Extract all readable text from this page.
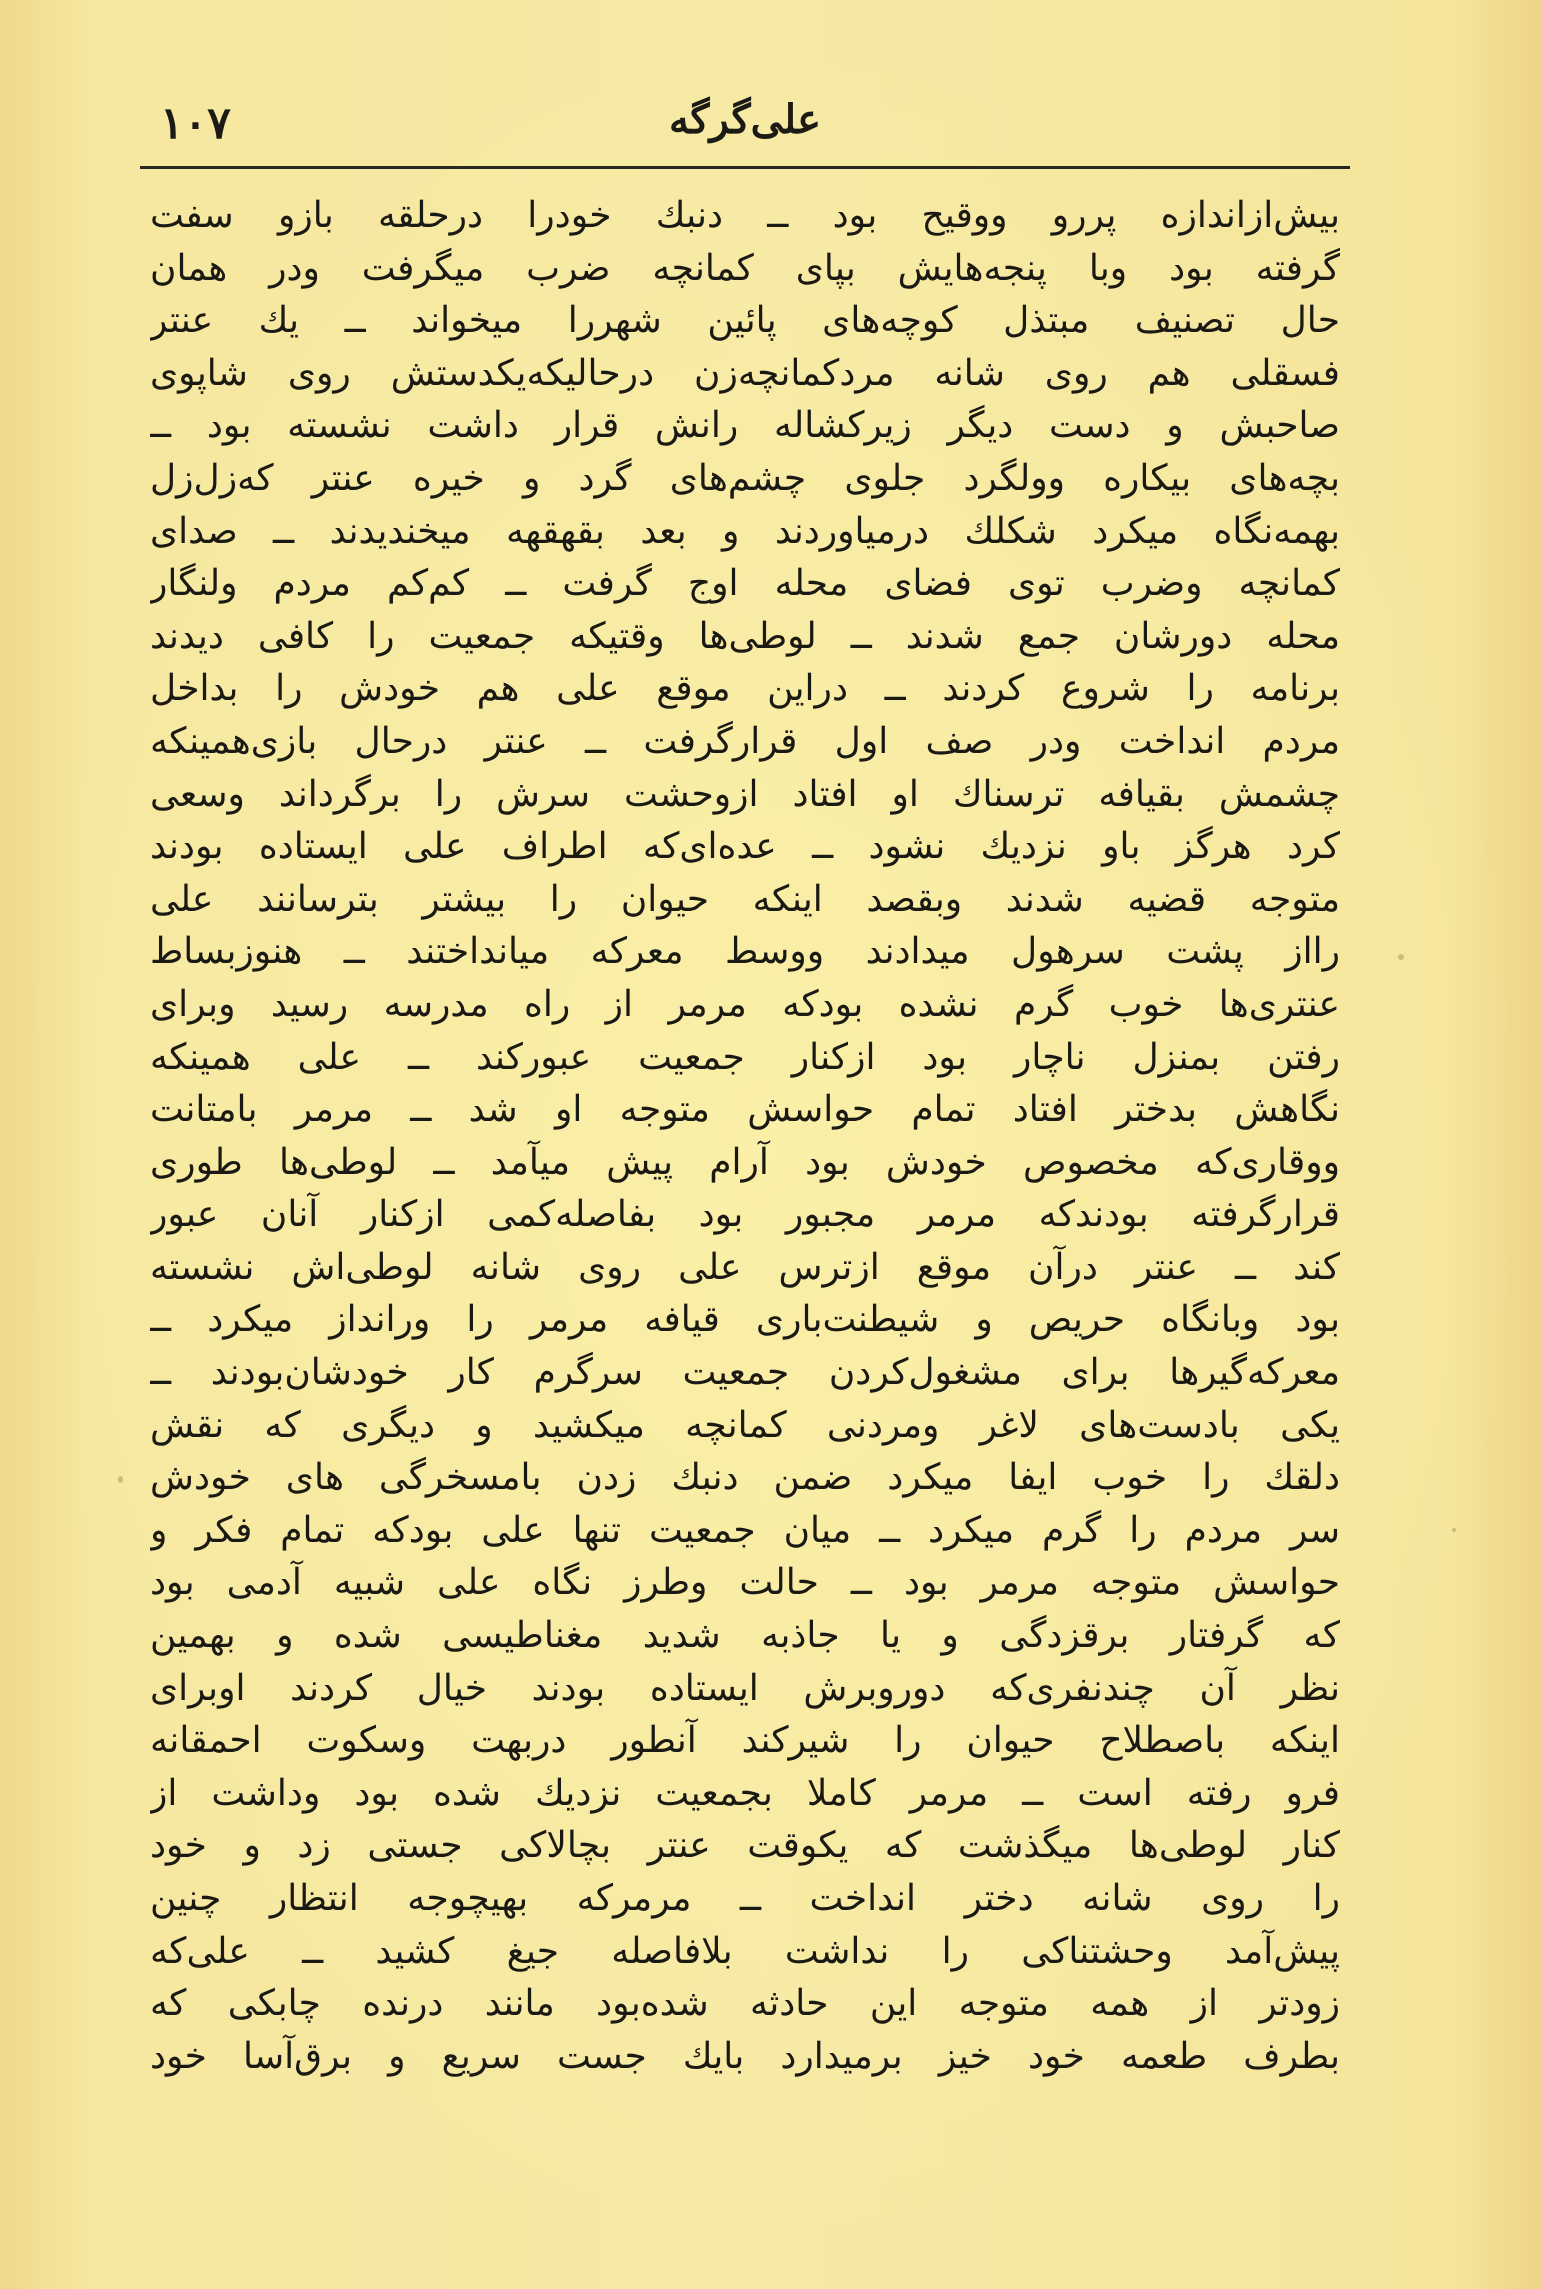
۱۰۷	علی‌گرگه
بیش‌ازاندازه پررو ووقیح بود ــ دنبك خودرا درحلقه بازو سفت
گرفته بود وبا پنجه‌هایش بپای کمانچه ضرب میگرفت ودر همان
حال تصنیف مبتذل کوچه‌های پائین شهررا میخواند ــ یك عنتر
فسقلی هم روی شانه مردکمانچه‌زن درحالیکه‌یکدستش روی شاپوی
صاحبش و دست دیگر زیرکشاله رانش قرار داشت نشسته بود ــ
بچه‌های بیکاره وولگرد جلوی چشم‌های گرد و خیره عنتر که‌زل‌زل
بهمه‌نگاه میکرد شکلك درمیاوردند و بعد بقهقهه میخندیدند ــ صدای
کمانچه وضرب توی فضای محله اوج گرفت ــ کم‌کم مردم ولنگار
محله دورشان جمع شدند ــ لوطی‌ها وقتیکه جمعیت را کافی دیدند
برنامه را شروع کردند ــ دراین موقع علی هم خودش را بداخل
مردم انداخت ودر صف اول قرارگرفت ــ عنتر درحال بازی‌همینکه
چشمش بقیافه ترسناك او افتاد ازوحشت سرش را برگرداند وسعی
کرد هرگز باو نزدیك نشود ــ عده‌ای‌که اطراف علی ایستاده بودند
متوجه قضیه شدند وبقصد اینکه حیوان را بیشتر بترسانند علی
رااز پشت سرهول میدادند ووسط معرکه میانداختند ــ هنوزبساط
عنتری‌ها خوب گرم نشده بودکه مرمر از راه مدرسه رسید وبرای
رفتن بمنزل ناچار بود ازکنار جمعیت عبورکند ــ علی همینکه
نگاهش بدختر افتاد تمام حواسش متوجه او شد ــ مرمر بامتانت
ووقاری‌که مخصوص خودش بود آرام پیش میآمد ــ لوطی‌ها طوری
قرارگرفته بودندکه مرمر مجبور بود بفاصله‌کمی ازکنار آنان عبور
کند ــ عنتر درآن موقع ازترس علی روی شانه لوطی‌اش نشسته
بود وبانگاه حریص و شیطنت‌باری قیافه مرمر را ورانداز میکرد ــ
معرکه‌گیرها برای مشغول‌کردن جمعیت سرگرم کار خودشان‌بودند ــ
یکی بادست‌های لاغر ومردنی کمانچه میکشید و دیگری که نقش
دلقك را خوب ایفا میکرد ضمن دنبك زدن بامسخرگی های خودش
سر مردم را گرم میکرد ــ میان جمعیت تنها علی بودکه تمام فکر و
حواسش متوجه مرمر بود ــ حالت وطرز نگاه علی شبیه آدمی بود
که گرفتار برقزدگی و یا جاذبه شدید مغناطیسی شده و بهمین
نظر آن چندنفری‌که دوروبرش ایستاده بودند خیال کردند اوبرای
اینکه باصطلاح حیوان را شیرکند آنطور دربهت وسکوت احمقانه
فرو رفته است ــ مرمر کاملا بجمعیت نزدیك شده بود وداشت از
کنار لوطی‌ها میگذشت که یکوقت عنتر بچالاکی جستی زد و خود
را روی شانه دختر انداخت ــ مرمرکه بهیچوجه انتظار چنین
پیش‌آمد وحشتناکی را نداشت بلافاصله جیغ کشید ــ علی‌که
زودتر از همه متوجه این حادثه شده‌بود مانند درنده چابکی که
بطرف طعمه خود خیز برمیدارد بایك جست سریع و برق‌آسا خود
